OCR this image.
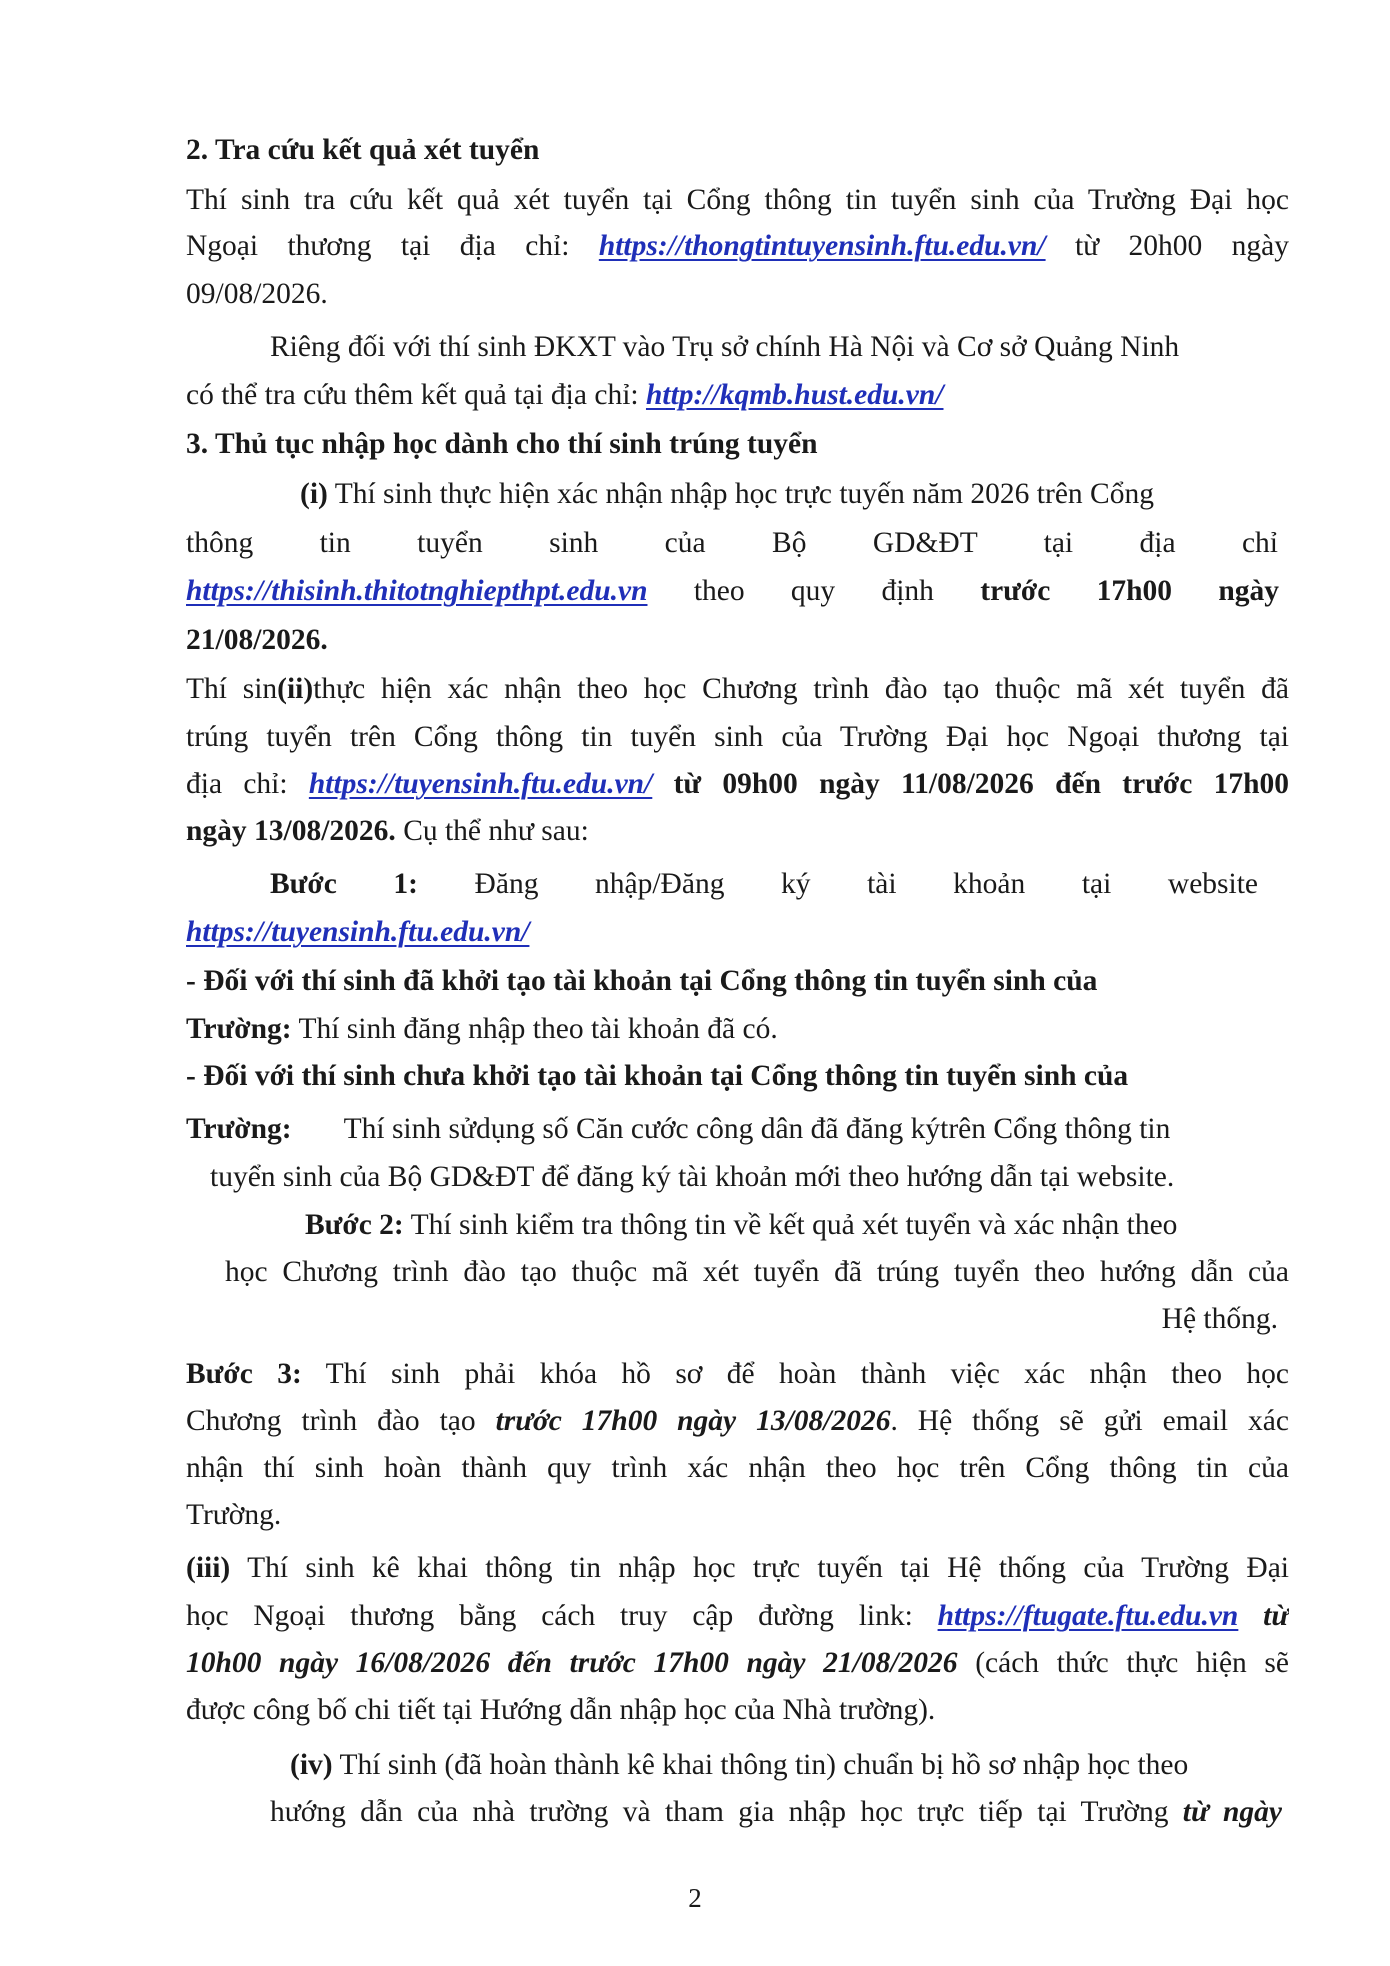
2. Tra cứu kết quả xét tuyển

Thí sinh tra cứu kết quả xét tuyển tại Cổng thông tin tuyển sinh của Trường Đại học

Ngoại thương tại địa chỉ: https://thongtintuyensinh.ftu.edu.vn/ từ 20h00 ngày

09/08/2026.

Riêng đối với thí sinh ĐKXT vào Trụ sở chính Hà Nội và Cơ sở Quảng Ninh

có thể tra cứu thêm kết quả tại địa chỉ: http://kqmb.hust.edu.vn/

3. Thủ tục nhập học dành cho thí sinh trúng tuyển

(i) Thí sinh thực hiện xác nhận nhập học trực tuyến năm 2026 trên Cổng

thông tin tuyển sinh của Bộ GD&ĐT tại địa chỉ

https://thisinh.thitotnghiepthpt.edu.vn theo quy định trước 17h00 ngày

21/08/2026.

Thí sin(ii)thực hiện xác nhận theo học Chương trình đào tạo thuộc mã xét tuyển đã

trúng tuyển trên Cổng thông tin tuyển sinh của Trường Đại học Ngoại thương tại

địa chỉ: https://tuyensinh.ftu.edu.vn/ từ 09h00 ngày 11/08/2026 đến trước 17h00

ngày 13/08/2026. Cụ thể như sau:

Bước 1: Đăng nhập/Đăng ký tài khoản tại website

https://tuyensinh.ftu.edu.vn/

- Đối với thí sinh đã khởi tạo tài khoản tại Cổng thông tin tuyển sinh của

Trường: Thí sinh đăng nhập theo tài khoản đã có.

- Đối với thí sinh chưa khởi tạo tài khoản tại Cổng thông tin tuyển sinh của

Trường: Thí sinh sửdụng số Căn cước công dân đã đăng kýtrên Cổng thông tin

tuyển sinh của Bộ GD&ĐT để đăng ký tài khoản mới theo hướng dẫn tại website.

Bước 2: Thí sinh kiểm tra thông tin về kết quả xét tuyển và xác nhận theo

học Chương trình đào tạo thuộc mã xét tuyển đã trúng tuyển theo hướng dẫn của

Hệ thống.

Bước 3: Thí sinh phải khóa hồ sơ để hoàn thành việc xác nhận theo học

Chương trình đào tạo trước 17h00 ngày 13/08/2026. Hệ thống sẽ gửi email xác

nhận thí sinh hoàn thành quy trình xác nhận theo học trên Cổng thông tin của

Trường.

(iii) Thí sinh kê khai thông tin nhập học trực tuyến tại Hệ thống của Trường Đại

học Ngoại thương bằng cách truy cập đường link: https://ftugate.ftu.edu.vn từ

10h00 ngày 16/08/2026 đến trước 17h00 ngày 21/08/2026 (cách thức thực hiện sẽ

được công bố chi tiết tại Hướng dẫn nhập học của Nhà trường).

(iv) Thí sinh (đã hoàn thành kê khai thông tin) chuẩn bị hồ sơ nhập học theo

hướng dẫn của nhà trường và tham gia nhập học trực tiếp tại Trường từ ngày

2
